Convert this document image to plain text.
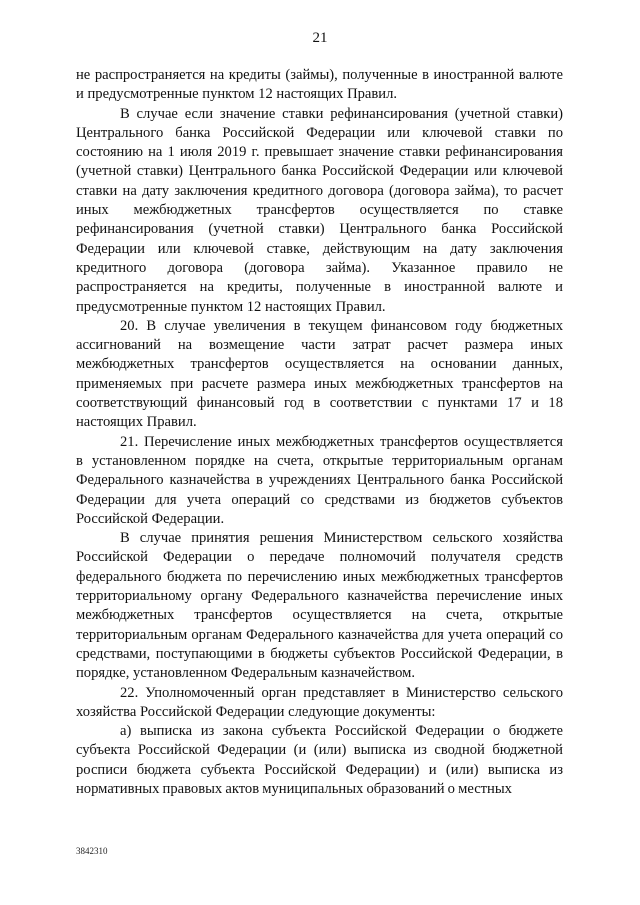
21

не распространяется на кредиты (займы), полученные в иностранной валюте и предусмотренные пунктом 12 настоящих Правил.

В случае если значение ставки рефинансирования (учетной ставки) Центрального банка Российской Федерации или ключевой ставки по состоянию на 1 июля 2019 г. превышает значение ставки рефинансирования (учетной ставки) Центрального банка Российской Федерации или ключевой ставки на дату заключения кредитного договора (договора займа), то расчет иных межбюджетных трансфертов осуществляется по ставке рефинансирования (учетной ставки) Центрального банка Российской Федерации или ключевой ставке, действующим на дату заключения кредитного договора (договора займа). Указанное правило не распространяется на кредиты, полученные в иностранной валюте и предусмотренные пунктом 12 настоящих Правил.

20. В случае увеличения в текущем финансовом году бюджетных ассигнований на возмещение части затрат расчет размера иных межбюджетных трансфертов осуществляется на основании данных, применяемых при расчете размера иных межбюджетных трансфертов на соответствующий финансовый год в соответствии с пунктами 17 и 18 настоящих Правил.

21. Перечисление иных межбюджетных трансфертов осуществляется в установленном порядке на счета, открытые территориальным органам Федерального казначейства в учреждениях Центрального банка Российской Федерации для учета операций со средствами из бюджетов субъектов Российской Федерации.

В случае принятия решения Министерством сельского хозяйства Российской Федерации о передаче полномочий получателя средств федерального бюджета по перечислению иных межбюджетных трансфертов территориальному органу Федерального казначейства перечисление иных межбюджетных трансфертов осуществляется на счета, открытые территориальным органам Федерального казначейства для учета операций со средствами, поступающими в бюджеты субъектов Российской Федерации, в порядке, установленном Федеральным казначейством.

22. Уполномоченный орган представляет в Министерство сельского хозяйства Российской Федерации следующие документы:

а) выписка из закона субъекта Российской Федерации о бюджете субъекта Российской Федерации (и (или) выписка из сводной бюджетной росписи бюджета субъекта Российской Федерации) и (или) выписка из нормативных правовых актов муниципальных образований о местных

3842310
